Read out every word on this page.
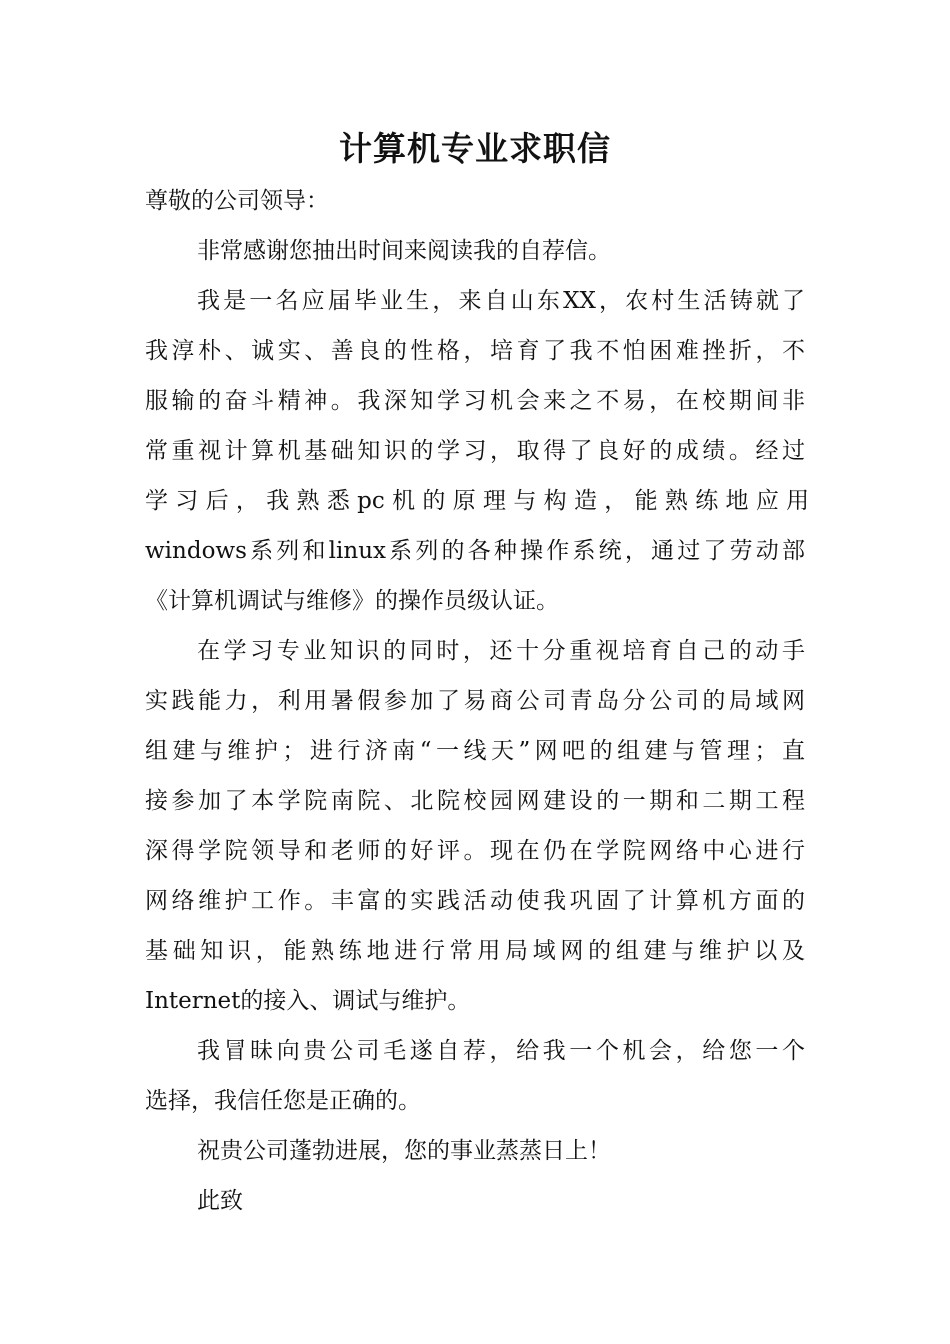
计算机专业求职信
尊敬的公司领导：
非常感谢您抽出时间来阅读我的自荐信。
我是一名应届毕业生，来自山东XX，农村生活铸就了
我淳朴、诚实、善良的性格，培育了我不怕困难挫折，不
服输的奋斗精神。我深知学习机会来之不易，在校期间非
常重视计算机基础知识的学习，取得了良好的成绩。经过
学 习 后 ， 我 熟 悉 pc 机 的 原 理 与 构 造 ， 能 熟 练 地 应 用
windows系列和linux系列的各种操作系统，通过了劳动部
《计算机调试与维修》的操作员级认证。
在学习专业知识的同时，还十分重视培育自己的动手
实践能力，利用暑假参加了易商公司青岛分公司的局域网
组建与维护；进行济南“一线天”网吧的组建与管理；直
接参加了本学院南院、北院校园网建设的一期和二期工程
深得学院领导和老师的好评。现在仍在学院网络中心进行
网络维护工作。丰富的实践活动使我巩固了计算机方面的
基础知识，能熟练地进行常用局域网的组建与维护以及
Internet的接入、调试与维护。
我冒昧向贵公司毛遂自荐，给我一个机会，给您一个
选择，我信任您是正确的。
祝贵公司蓬勃进展，您的事业蒸蒸日上！
此致
